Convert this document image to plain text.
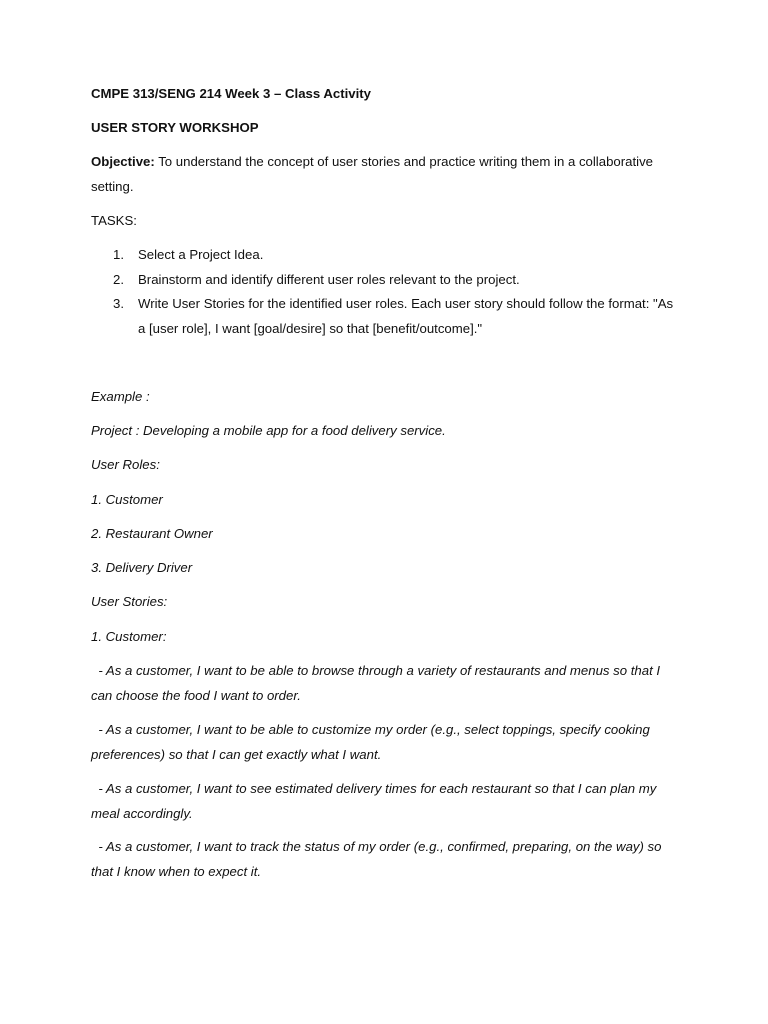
CMPE 313/SENG 214 Week 3 – Class Activity
USER STORY WORKSHOP
Objective: To understand the concept of user stories and practice writing them in a collaborative setting.
TASKS:
1.	Select a Project Idea.
2.	Brainstorm and identify different user roles relevant to the project.
3.	Write User Stories for the identified user roles. Each user story should follow the format: "As a [user role], I want [goal/desire] so that [benefit/outcome]."
Example :
Project : Developing a mobile app for a food delivery service.
User Roles:
1. Customer
2. Restaurant Owner
3. Delivery Driver
User Stories:
1. Customer:
- As a customer, I want to be able to browse through a variety of restaurants and menus so that I can choose the food I want to order.
- As a customer, I want to be able to customize my order (e.g., select toppings, specify cooking preferences) so that I can get exactly what I want.
- As a customer, I want to see estimated delivery times for each restaurant so that I can plan my meal accordingly.
- As a customer, I want to track the status of my order (e.g., confirmed, preparing, on the way) so that I know when to expect it.
